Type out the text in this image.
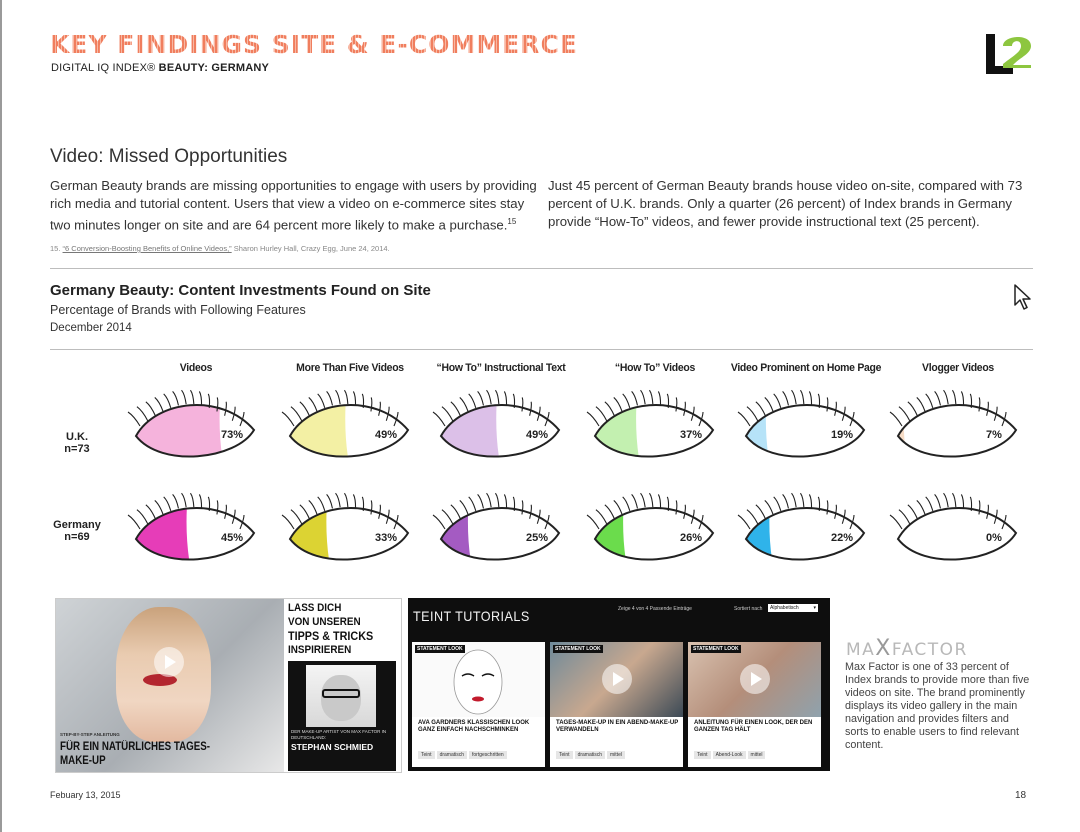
KEY FINDINGS SITE & E-COMMERCE
DIGITAL IQ INDEX® BEAUTY: GERMANY	L2
Video: Missed Opportunities
German Beauty brands are missing opportunities to engage with users by providing rich media and tutorial content. Users that view a video on e-commerce sites stay two minutes longer on site and are 64 percent more likely to make a purchase.$^{15}$
Just 45 percent of German Beauty brands house video on-site, compared with 73 percent of U.K. brands. Only a quarter (26 percent) of Index brands in Germany provide “How-To” videos, and fewer provide instructional text (25 percent).
15. “6 Conversion-Boosting Benefits of Online Videos,” Sharon Hurley Hall, Crazy Egg, June 24, 2014.
Germany Beauty: Content Investments Found on Site
Percentage of Brands with Following Features
December 2014
Videos	More Than Five Videos	“How To” Instructional Text	“How To” Videos	Video Prominent on Home Page	Vlogger Videos
U.K.
n=73
73%	49%	49%	37%	19%	7%
Germany
n=69	45%	33%	25%	26%	22%	0%
STEP-BY-STEP ANLEITUNG
FÜR EIN NATÜRLICHES TAGES-
MAKE-UP
LASS DICH
VON UNSEREN
TIPPS & TRICKS
INSPIRIEREN
DER MAKE-UP ARTIST VON MAX FACTOR IN DEUTSCHLAND:
STEPHAN SCHMIED
TEINT TUTORIALS	Zeige 4 von 4 Passende Einträge	Sortiert nach	Alphabetisch	▾
STATEMENT LOOK
AVA GARDNERS KLASSISCHEN LOOK GANZ EINFACH NACHSCHMINKEN
Teint dramatisch fortgeschritten
STATEMENT LOOK
TAGES-MAKE-UP IN EIN ABEND-MAKE-UP VERWANDELN
Teint dramatisch mittel
STATEMENT LOOK
ANLEITUNG FÜR EINEN LOOK, DER DEN GANZEN TAG HÄLT
Teint Abend-Look mittel
MAXFACTOR
Max Factor is one of 33 percent of Index brands to provide more than five videos on site. The brand prominently displays its video gallery in the main navigation and provides filters and sorts to enable users to find relevant content.
Febuary 13, 2015	18
